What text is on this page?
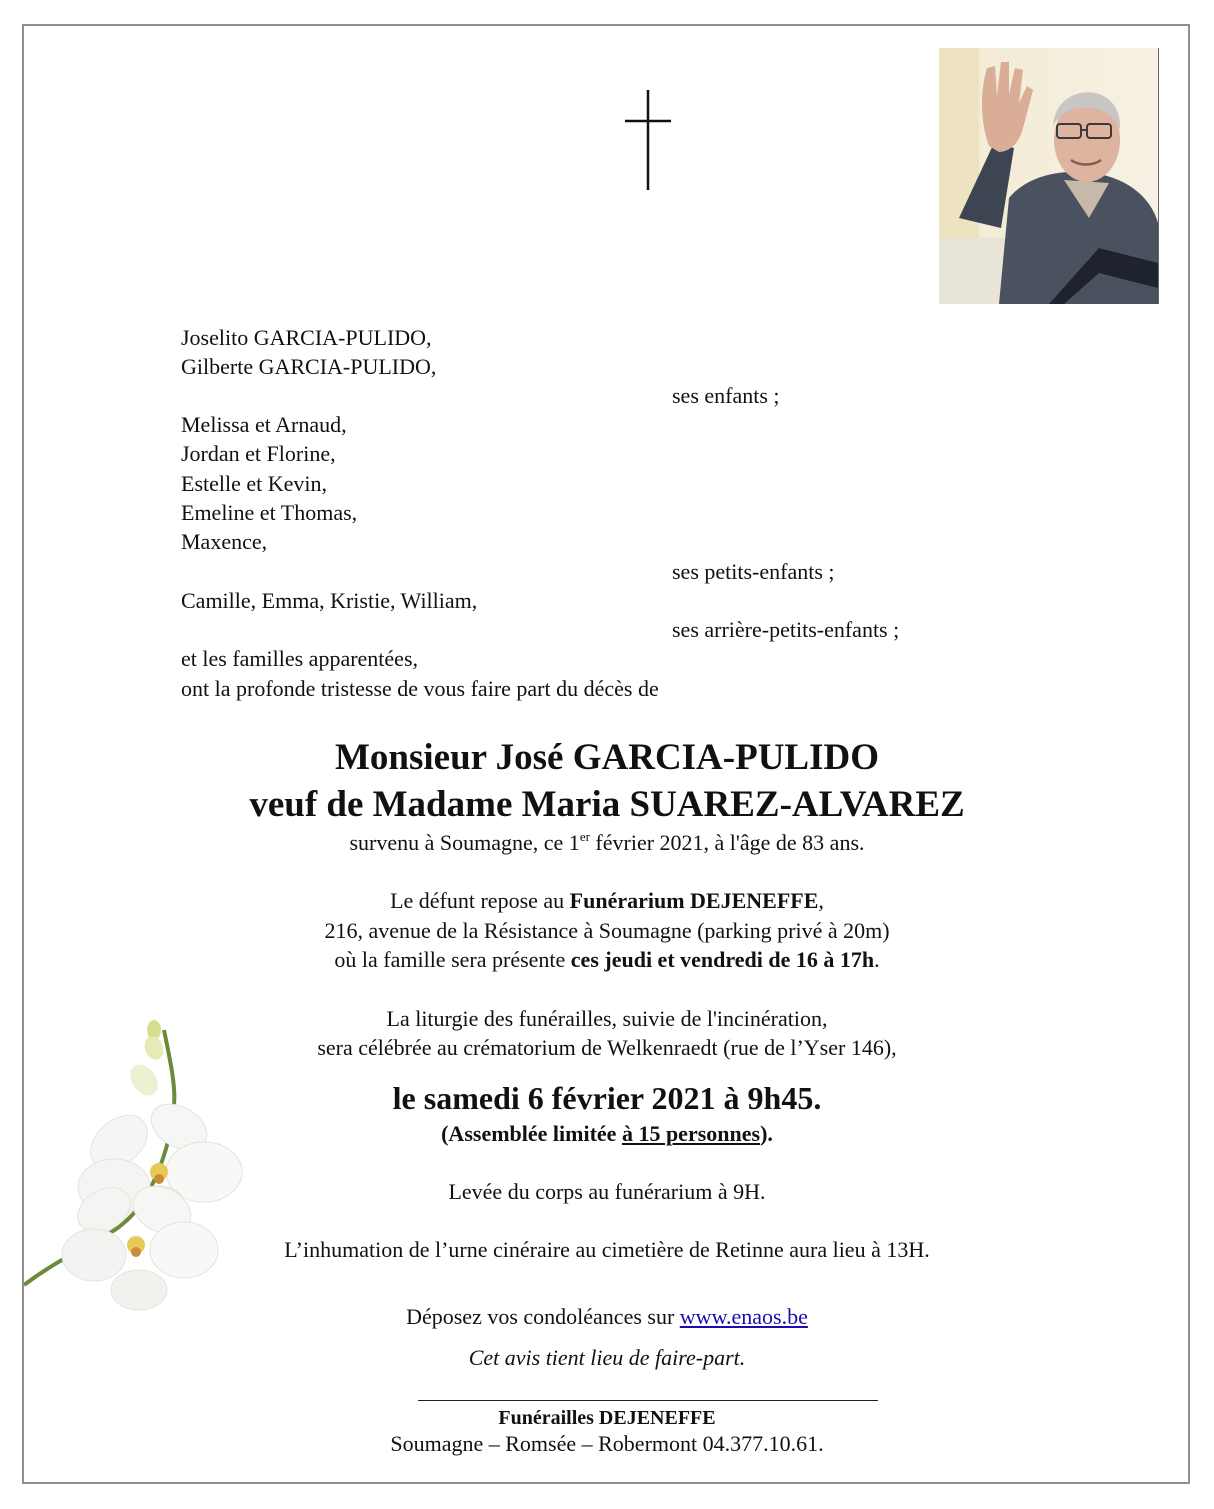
Joselito GARCIA-PULIDO,
Gilberte GARCIA-PULIDO,
ses enfants ;
Melissa et Arnaud,
Jordan et Florine,
Estelle et Kevin,
Emeline et Thomas,
Maxence,
ses petits-enfants ;
Camille, Emma, Kristie, William,
ses arrière-petits-enfants ;
et les familles apparentées,
ont la profonde tristesse de vous faire part du décès de
Monsieur José GARCIA-PULIDO
veuf de Madame Maria SUAREZ-ALVAREZ
survenu à Soumagne, ce 1er février 2021, à l'âge de 83 ans.
Le défunt repose au Funérarium DEJENEFFE,
216, avenue de la Résistance à Soumagne (parking privé à 20m)
où la famille sera présente ces jeudi et vendredi de 16 à 17h.
La liturgie des funérailles, suivie de l'incinération,
sera célébrée au crématorium de Welkenraedt (rue de l’Yser 146),
le samedi 6 février 2021 à 9h45.
(Assemblée limitée à 15 personnes).
Levée du corps au funérarium à 9H.
L’inhumation de l’urne cinéraire au cimetière de Retinne aura lieu à 13H.
Déposez vos condoléances sur www.enaos.be
Cet avis tient lieu de faire-part.
Funérailles DEJENEFFE
Soumagne – Romsée – Robermont 04.377.10.61.
